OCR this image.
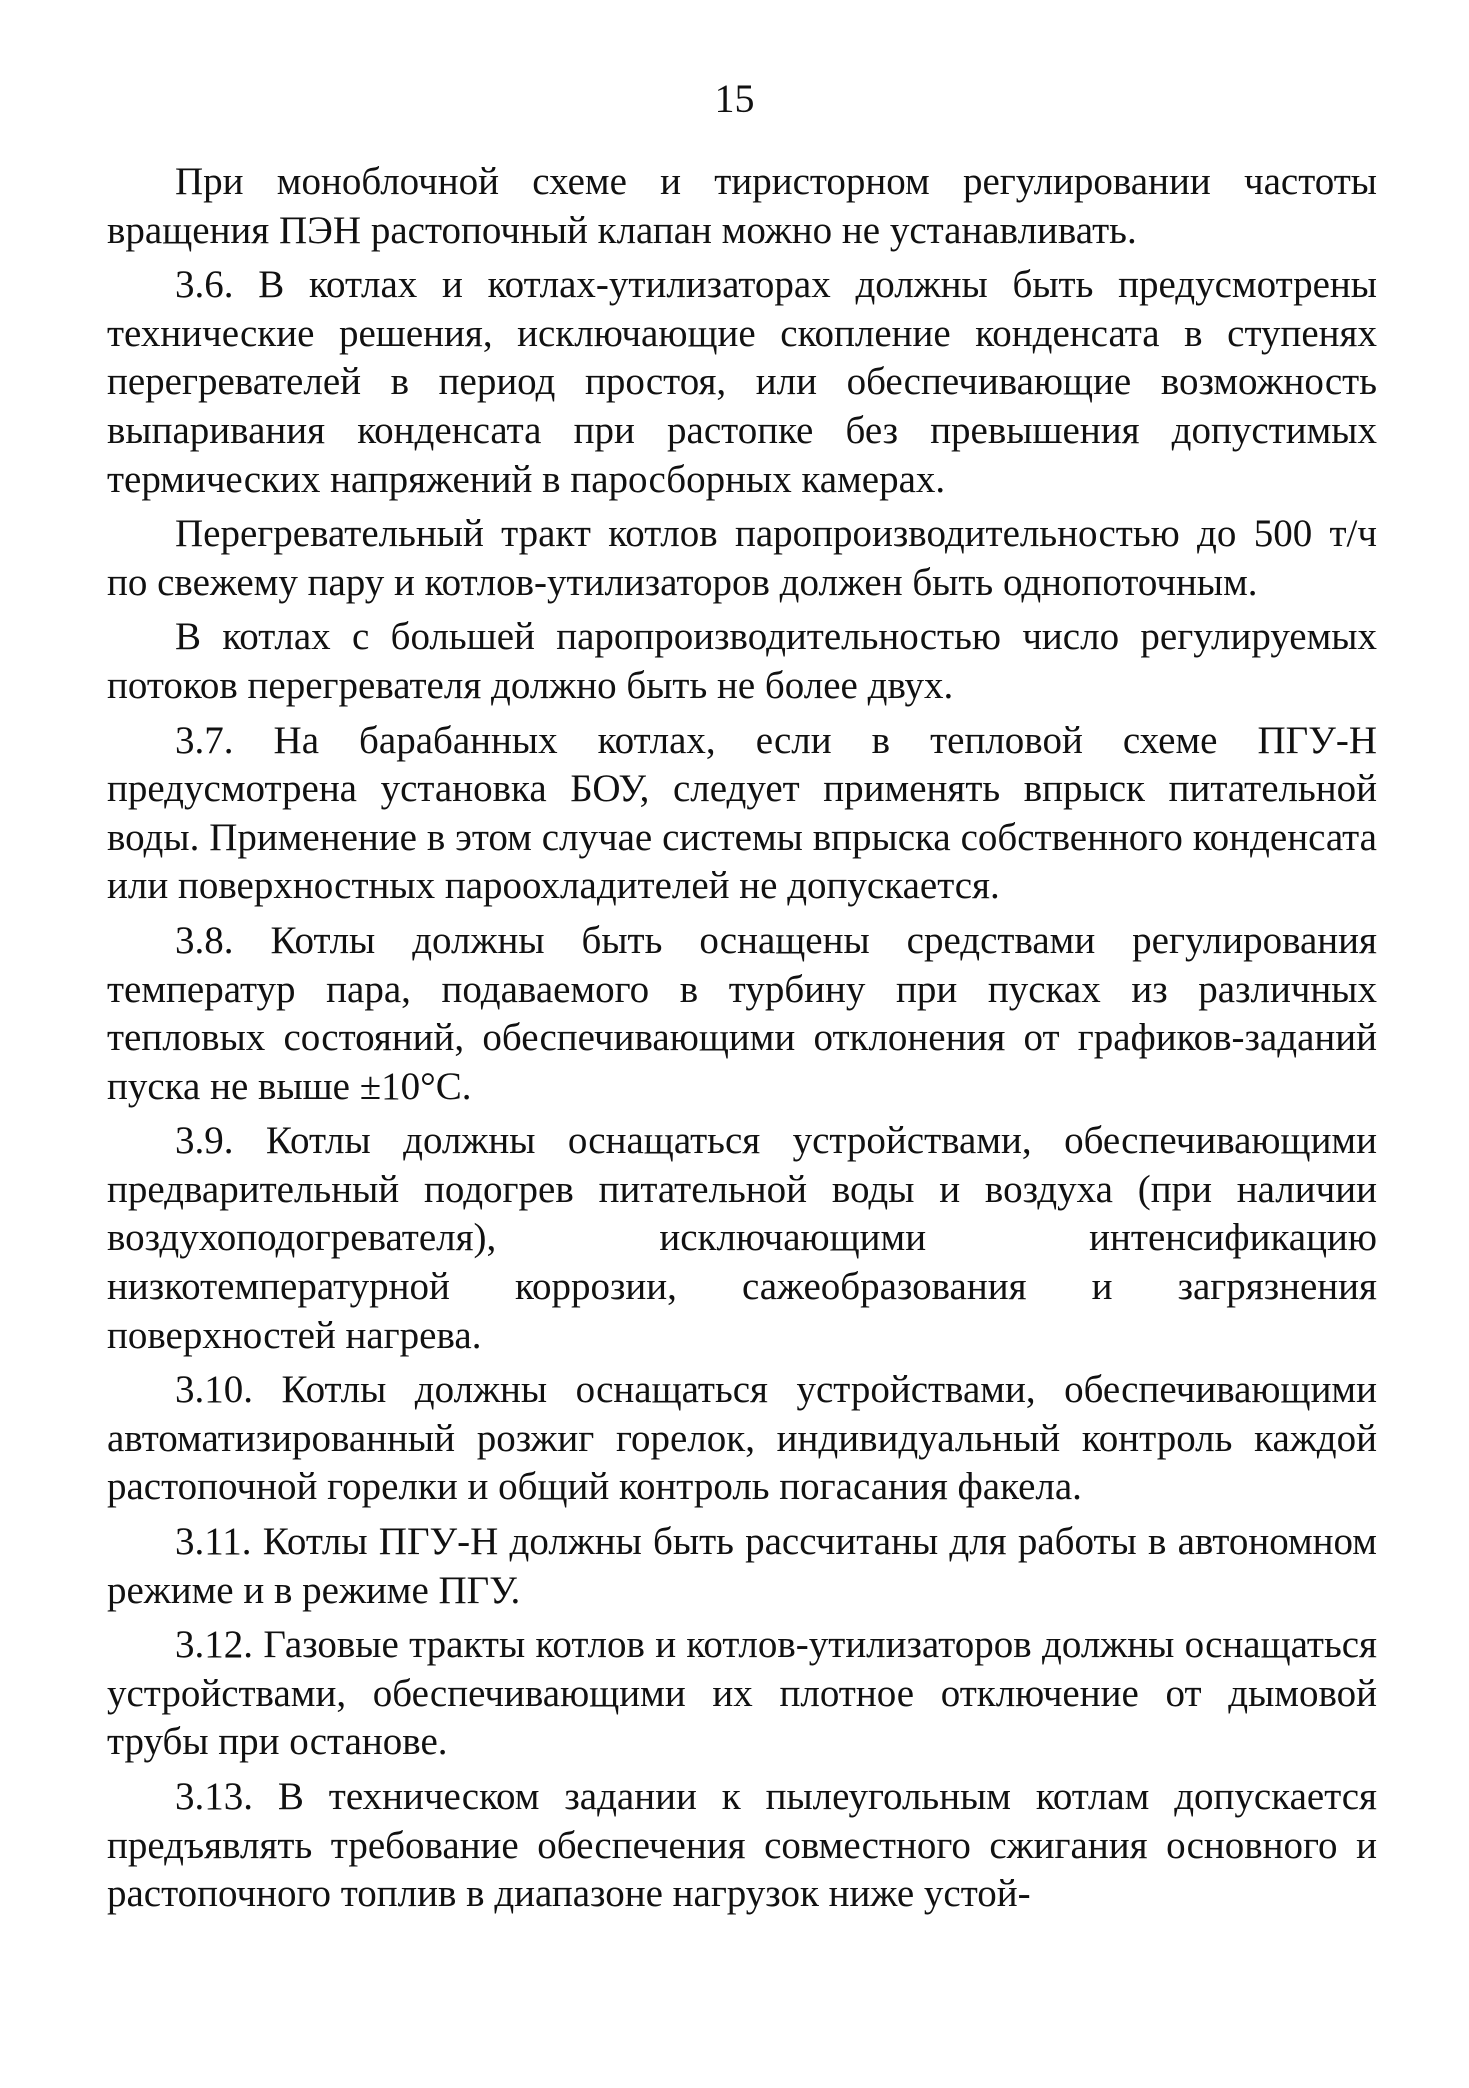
15

При моноблочной схеме и тиристорном регулировании частоты вращения ПЭН растопочный клапан можно не устанавливать.

3.6. В котлах и котлах-утилизаторах должны быть предусмотрены технические решения, исключающие скопление конденсата в ступенях перегревателей в период простоя, или обеспечивающие возможность выпаривания конденсата при растопке без превышения допустимых термических напряжений в паросборных камерах.

Перегревательный тракт котлов паропроизводительностью до 500 т/ч по свежему пару и котлов-утилизаторов должен быть однопоточным.

В котлах с большей паропроизводительностью число регулируемых потоков перегревателя должно быть не более двух.

3.7. На барабанных котлах, если в тепловой схеме ПГУ-Н предусмотрена установка БОУ, следует применять впрыск питательной воды. Применение в этом случае системы впрыска собственного конденсата или поверхностных пароохладителей не допускается.

3.8. Котлы должны быть оснащены средствами регулирования температур пара, подаваемого в турбину при пусках из различных тепловых состояний, обеспечивающими отклонения от графиков-заданий пуска не выше ±10°С.

3.9. Котлы должны оснащаться устройствами, обеспечивающими предварительный подогрев питательной воды и воздуха (при наличии воздухоподогревателя), исключающими интенсификацию низкотемпературной коррозии, сажеобразования и загрязнения поверхностей нагрева.

3.10. Котлы должны оснащаться устройствами, обеспечивающими автоматизированный розжиг горелок, индивидуальный контроль каждой растопочной горелки и общий контроль погасания факела.

3.11. Котлы ПГУ-Н должны быть рассчитаны для работы в автономном режиме и в режиме ПГУ.

3.12. Газовые тракты котлов и котлов-утилизаторов должны оснащаться устройствами, обеспечивающими их плотное отключение от дымовой трубы при останове.

3.13. В техническом задании к пылеугольным котлам допускается предъявлять требование обеспечения совместного сжигания основного и растопочного топлив в диапазоне нагрузок ниже устой-
